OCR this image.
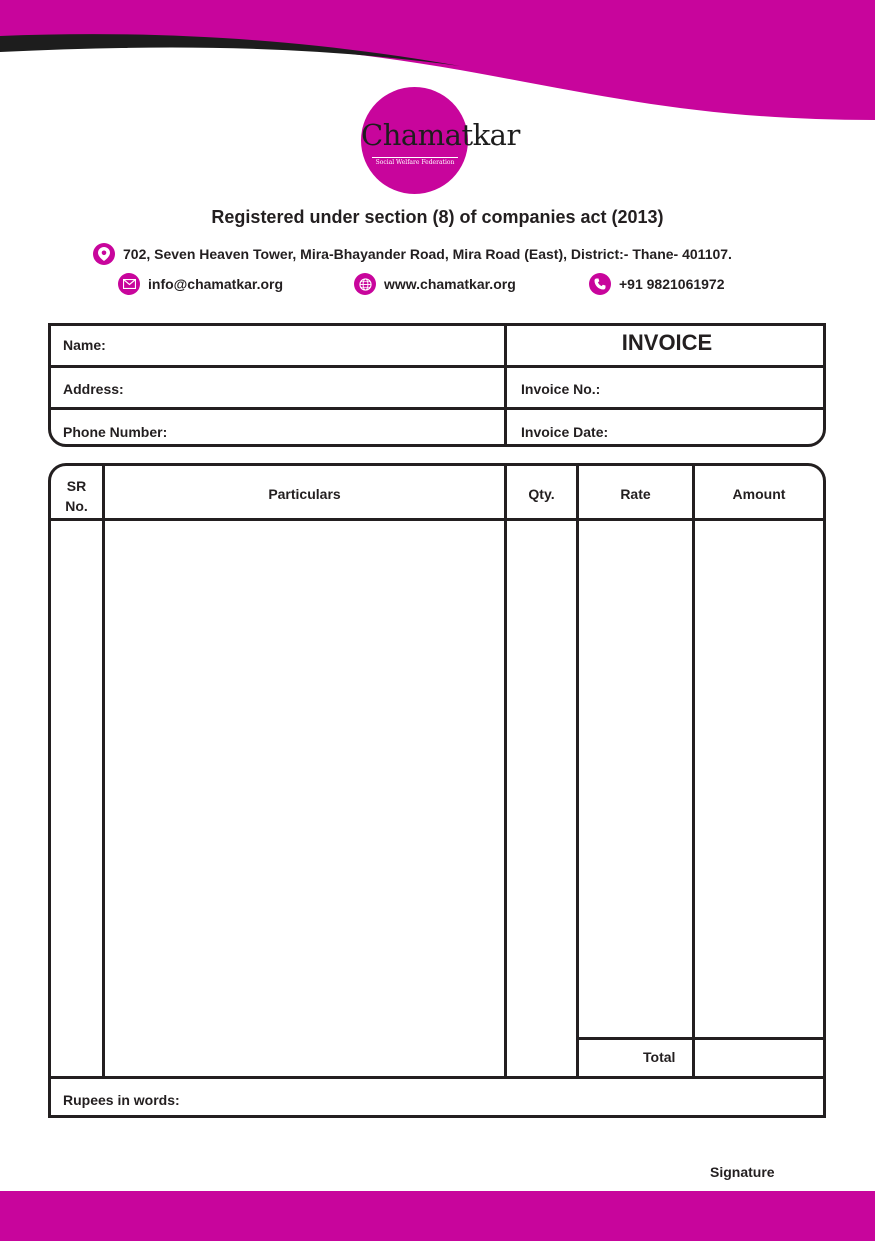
Chamatkar
Social Welfare Federation
Registered under section (8) of companies act (2013)
702, Seven Heaven Tower, Mira-Bhayander Road, Mira Road (East), District:- Thane- 401107.
info@chamatkar.org	www.chamatkar.org	+91 9821061972
Name:	INVOICE
Address:	Invoice No.:
Phone Number:	Invoice Date:
SR
No.
Particulars	Qty.	Rate	Amount
Total
Rupees in words:
Signature
